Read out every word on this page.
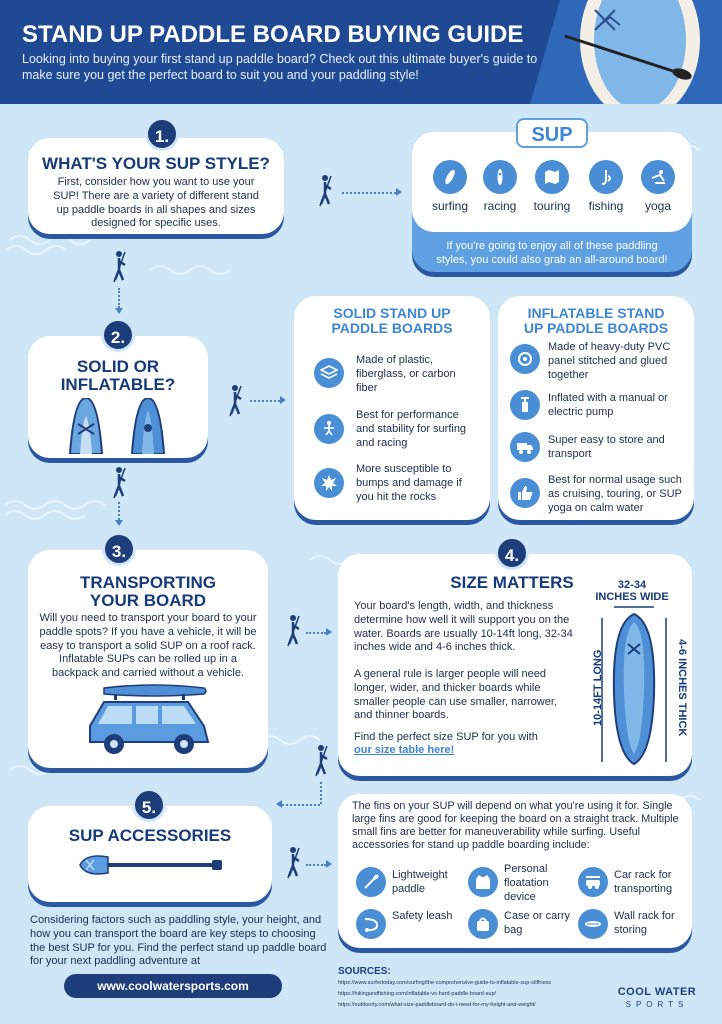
STAND UP PADDLE BOARD BUYING GUIDE
Looking into buying your first stand up paddle board? Check out this ultimate buyer's guide to make sure you get the perfect board to suit you and your paddling style!
1.
WHAT'S YOUR SUP STYLE?
First, consider how you want to use your SUP! There are a variety of different stand up paddle boards in all shapes and sizes designed for specific uses.
SUP
surfing	racing	touring	fishing	yoga
If you're going to enjoy all of these paddling styles, you could also grab an all-around board!
2.
SOLID OR
INFLATABLE?
SOLID STAND UP
PADDLE BOARDS
Made of plastic, fiberglass, or carbon fiber
Best for performance and stability for surfing and racing
More susceptible to bumps and damage if you hit the rocks
INFLATABLE STAND
UP PADDLE BOARDS
Made of heavy-duty PVC panel stitched and glued together
Inflated with a manual or electric pump
Super easy to store and transport
Best for normal usage such as cruising, touring, or SUP yoga on calm water
3.
TRANSPORTING
YOUR BOARD
Will you need to transport your board to your paddle spots? If you have a vehicle, it will be easy to transport a solid SUP on a roof rack. Inflatable SUPs can be rolled up in a backpack and carried without a vehicle.
4.
SIZE MATTERS
Your board's length, width, and thickness determine how well it will support you on the water. Boards are usually 10-14ft long, 32-34 inches wide and 4-6 inches thick.
A general rule is larger people will need longer, wider, and thicker boards while smaller people can use smaller, narrower, and thinner boards.
Find the perfect size SUP for you with
our size table here!
32-34
INCHES WIDE
10-14FT LONG	4-6 INCHES THICK
5.
SUP ACCESSORIES
The fins on your SUP will depend on what you're using it for. Single large fins are good for keeping the board on a straight track. Multiple small fins are better for maneuverability while surfing. Useful accessories for stand up paddle boarding include:
Lightweight paddle
Personal floatation device
Car rack for transporting
Safety leash	Case or carry bag
Wall rack for storing
Considering factors such as paddling style, your height, and how you can transport the board are key steps to choosing the best SUP for you. Find the perfect stand up paddle board for your next paddling adventure at
www.coolwatersports.com
SOURCES:
https://www.surfertoday.com/surfing/the-comprehensive-guide-to-inflatable-sup-stiffness
https://hikingandfishing.com/inflatable-vs-hard-paddle-board-sup/
https://outdoorty.com/what-size-paddleboard-do-i-need-for-my-height-and-weight/
COOL WATER
SPORTS
